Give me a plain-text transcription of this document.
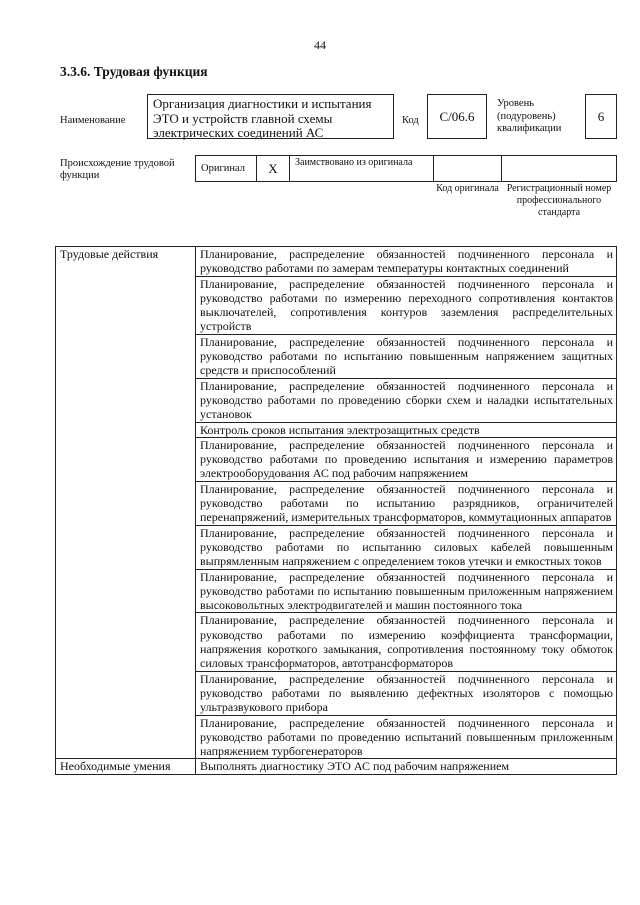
44
3.3.6. Трудовая функция
Наименование
Организация диагностики и испытания ЭТО и устройств главной схемы электрических соединений АС
Код C/06.6
Уровень (подуровень) квалификации
6
Происхождение трудовой функции
Оригинал	X	Заимствовано из оригинала
Код оригинала Регистрационный номер профессионального стандарта
Трудовые действия	Планирование, распределение обязанностей подчиненного персонала и руководство работами по замерам температуры контактных соединений
	Планирование, распределение обязанностей подчиненного персонала и руководство работами по измерению переходного сопротивления контактов выключателей, сопротивления контуров заземления распределительных устройств
	Планирование, распределение обязанностей подчиненного персонала и руководство работами по испытанию повышенным напряжением защитных средств и приспособлений
	Планирование, распределение обязанностей подчиненного персонала и руководство работами по проведению сборки схем и наладки испытательных установок
	Контроль сроков испытания электрозащитных средств
	Планирование, распределение обязанностей подчиненного персонала и руководство работами по проведению испытания и измерению параметров электрооборудования АС под рабочим напряжением
	Планирование, распределение обязанностей подчиненного персонала и руководство работами по испытанию разрядников, ограничителей перенапряжений, измерительных трансформаторов, коммутационных аппаратов
	Планирование, распределение обязанностей подчиненного персонала и руководство работами по испытанию силовых кабелей повышенным выпрямленным напряжением с определением токов утечки и емкостных токов
	Планирование, распределение обязанностей подчиненного персонала и руководство работами по испытанию повышенным приложенным напряжением высоковольтных электродвигателей и машин постоянного тока
	Планирование, распределение обязанностей подчиненного персонала и руководство работами по измерению коэффициента трансформации, напряжения короткого замыкания, сопротивления постоянному току обмоток силовых трансформаторов, автотрансформаторов
	Планирование, распределение обязанностей подчиненного персонала и руководство работами по выявлению дефектных изоляторов с помощью ультразвукового прибора
	Планирование, распределение обязанностей подчиненного персонала и руководство работами по проведению испытаний повышенным приложенным напряжением турбогенераторов
Необходимые умения	Выполнять диагностику ЭТО АС под рабочим напряжением
